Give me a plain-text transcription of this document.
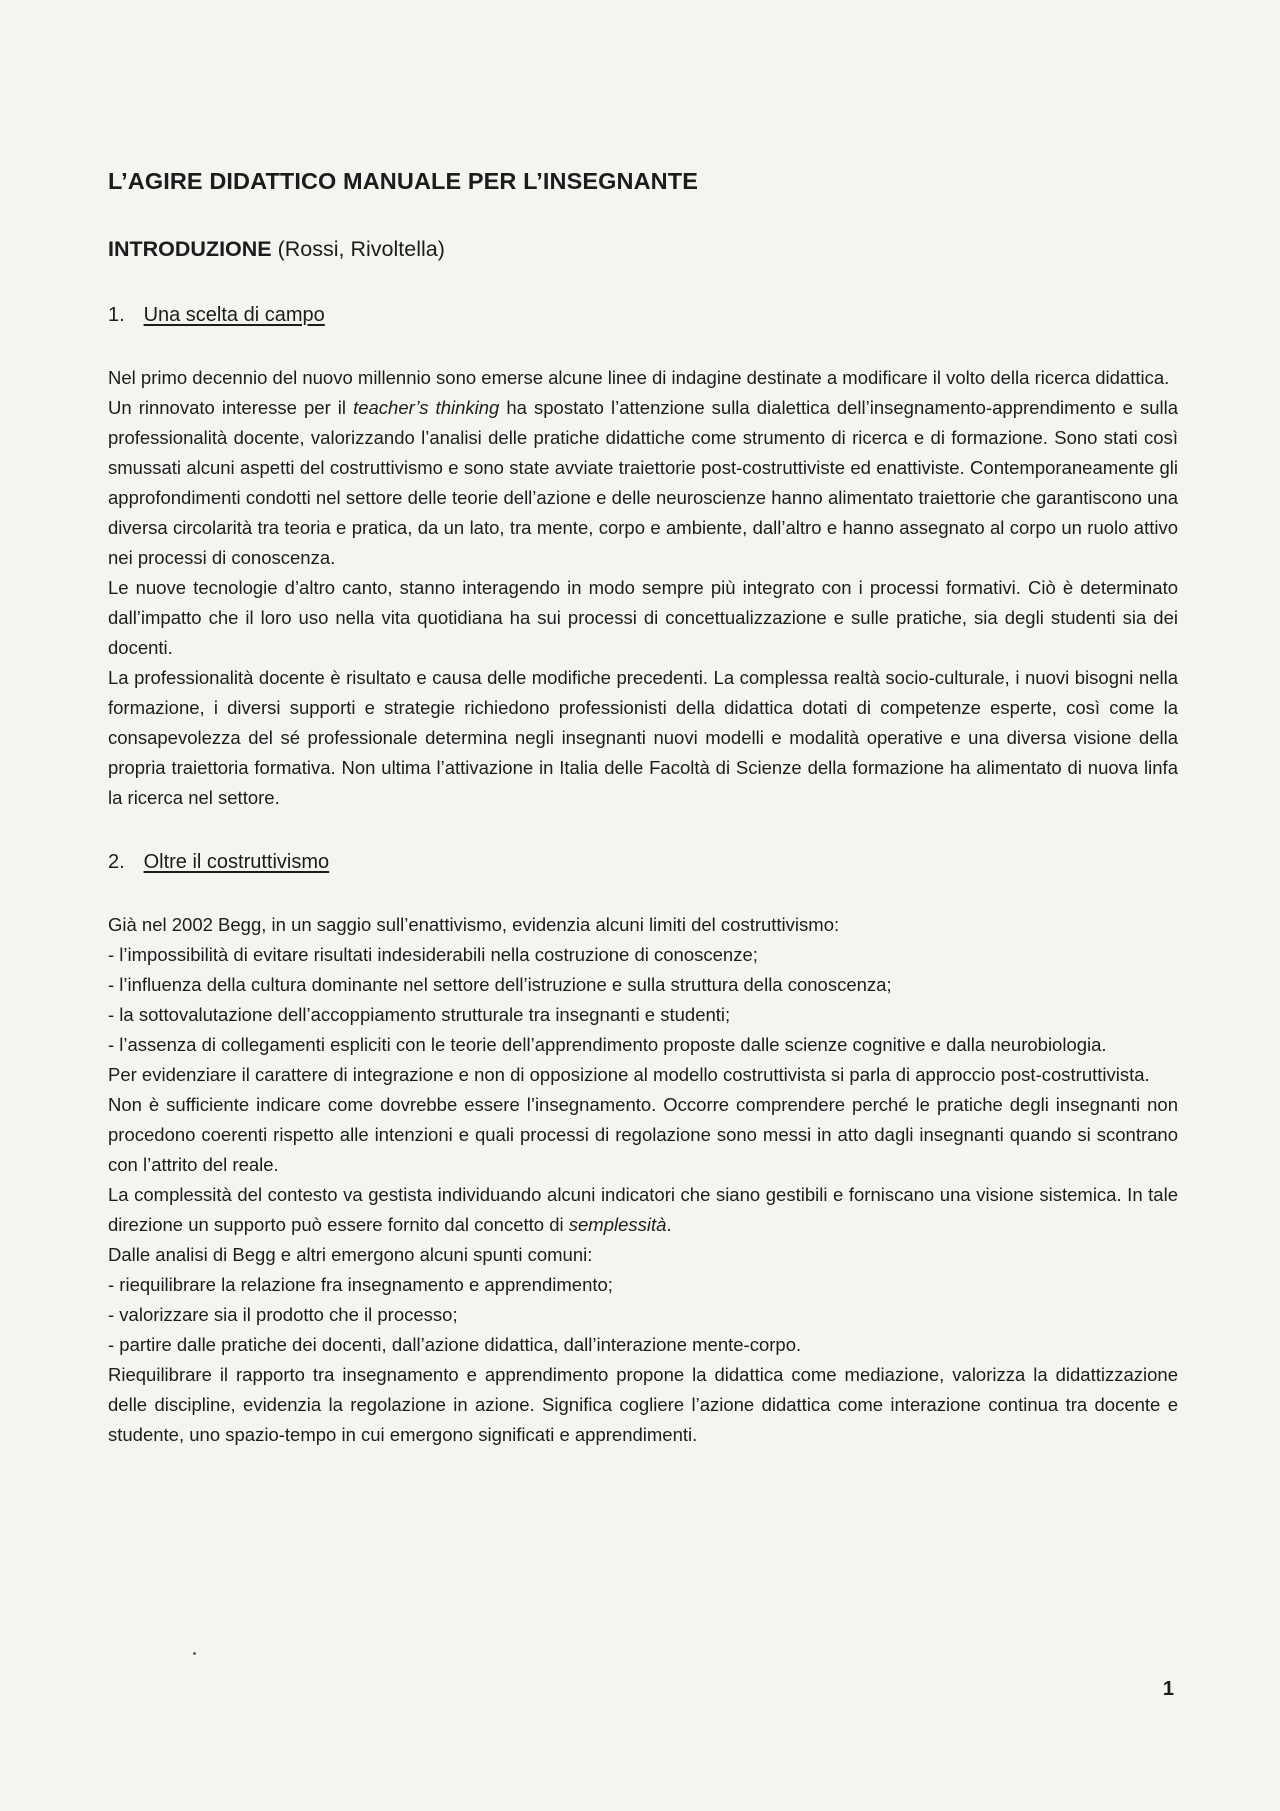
L’AGIRE DIDATTICO MANUALE PER L’INSEGNANTE
INTRODUZIONE (Rossi, Rivoltella)
1. Una scelta di campo

Nel primo decennio del nuovo millennio sono emerse alcune linee di indagine destinate a modificare il volto della ricerca didattica.

Un rinnovato interesse per il teacher’s thinking ha spostato l’attenzione sulla dialettica dell’insegnamento-apprendimento e sulla professionalità docente, valorizzando l’analisi delle pratiche didattiche come strumento di ricerca e di formazione. Sono stati così smussati alcuni aspetti del costruttivismo e sono state avviate traiettorie post-costruttiviste ed enattiviste. Contemporaneamente gli approfondimenti condotti nel settore delle teorie dell’azione e delle neuroscienze hanno alimentato traiettorie che garantiscono una diversa circolarità tra teoria e pratica, da un lato, tra mente, corpo e ambiente, dall’altro e hanno assegnato al corpo un ruolo attivo nei processi di conoscenza.

Le nuove tecnologie d’altro canto, stanno interagendo in modo sempre più integrato con i processi formativi. Ciò è determinato dall’impatto che il loro uso nella vita quotidiana ha sui processi di concettualizzazione e sulle pratiche, sia degli studenti sia dei docenti.

La professionalità docente è risultato e causa delle modifiche precedenti. La complessa realtà socio-culturale, i nuovi bisogni nella formazione, i diversi supporti e strategie richiedono professionisti della didattica dotati di competenze esperte, così come la consapevolezza del sé professionale determina negli insegnanti nuovi modelli e modalità operative e una diversa visione della propria traiettoria formativa. Non ultima l’attivazione in Italia delle Facoltà di Scienze della formazione ha alimentato di nuova linfa la ricerca nel settore.

2. Oltre il costruttivismo

Già nel 2002 Begg, in un saggio sull’enattivismo, evidenzia alcuni limiti del costruttivismo:

- l’impossibilità di evitare risultati indesiderabili nella costruzione di conoscenze;

- l’influenza della cultura dominante nel settore dell’istruzione e sulla struttura della conoscenza;

- la sottovalutazione dell’accoppiamento strutturale tra insegnanti e studenti;

- l’assenza di collegamenti espliciti con le teorie dell’apprendimento proposte dalle scienze cognitive e dalla neurobiologia.

Per evidenziare il carattere di integrazione e non di opposizione al modello costruttivista si parla di approccio post-costruttivista.

Non è sufficiente indicare come dovrebbe essere l’insegnamento. Occorre comprendere perché le pratiche degli insegnanti non procedono coerenti rispetto alle intenzioni e quali processi di regolazione sono messi in atto dagli insegnanti quando si scontrano con l’attrito del reale.

La complessità del contesto va gestista individuando alcuni indicatori che siano gestibili e forniscano una visione sistemica. In tale direzione un supporto può essere fornito dal concetto di semplessità.

Dalle analisi di Begg e altri emergono alcuni spunti comuni:

- riequilibrare la relazione fra insegnamento e apprendimento;

- valorizzare sia il prodotto che il processo;

- partire dalle pratiche dei docenti, dall’azione didattica, dall’interazione mente-corpo.

Riequilibrare il rapporto tra insegnamento e apprendimento propone la didattica come mediazione, valorizza la didattizzazione delle discipline, evidenzia la regolazione in azione. Significa cogliere l’azione didattica come interazione continua tra docente e studente, uno spazio-tempo in cui emergono significati e apprendimenti.

1
